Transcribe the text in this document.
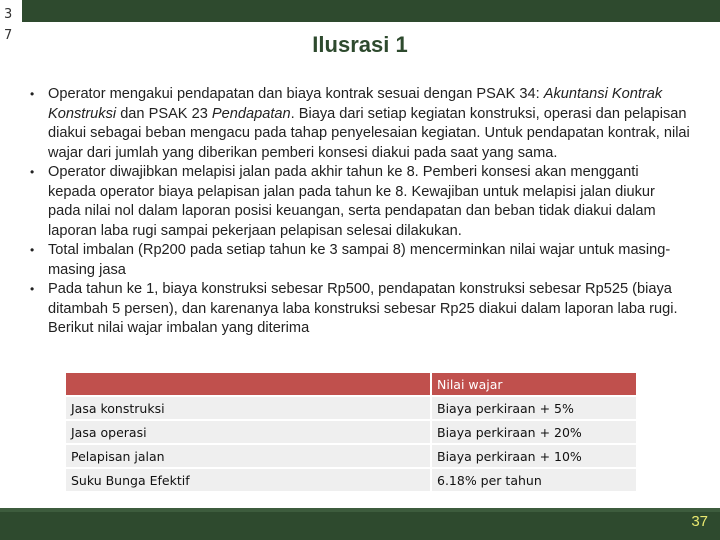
3 7	Ilusrasi 1
• Operator mengakui pendapatan dan biaya kontrak sesuai dengan PSAK 34: Akuntansi Kontrak Konstruksi dan PSAK 23 Pendapatan. Biaya dari setiap kegiatan konstruksi, operasi dan pelapisan diakui sebagai beban mengacu pada tahap penyelesaian kegiatan. Untuk pendapatan kontrak, nilai wajar dari jumlah yang diberikan pemberi konsesi diakui pada saat yang sama.
• Operator diwajibkan melapisi jalan pada akhir tahun ke 8. Pemberi konsesi akan mengganti kepada operator biaya pelapisan jalan pada tahun ke 8. Kewajiban untuk melapisi jalan diukur pada nilai nol dalam laporan posisi keuangan, serta pendapatan dan beban tidak diakui dalam laporan laba rugi sampai pekerjaan pelapisan selesai dilakukan.
• Total imbalan (Rp200 pada setiap tahun ke 3 sampai 8) mencerminkan nilai wajar untuk masing-masing jasa
• Pada tahun ke 1, biaya konstruksi sebesar Rp500, pendapatan konstruksi sebesar Rp525 (biaya ditambah 5 persen), dan karenanya laba konstruksi sebesar Rp25 diakui dalam laporan laba rugi. Berikut nilai wajar imbalan yang diterima
	Nilai wajar
Jasa konstruksi	Biaya perkiraan + 5%
Jasa operasi	Biaya perkiraan + 20%
Pelapisan jalan	Biaya perkiraan + 10%
Suku Bunga Efektif	6.18% per tahun
37
